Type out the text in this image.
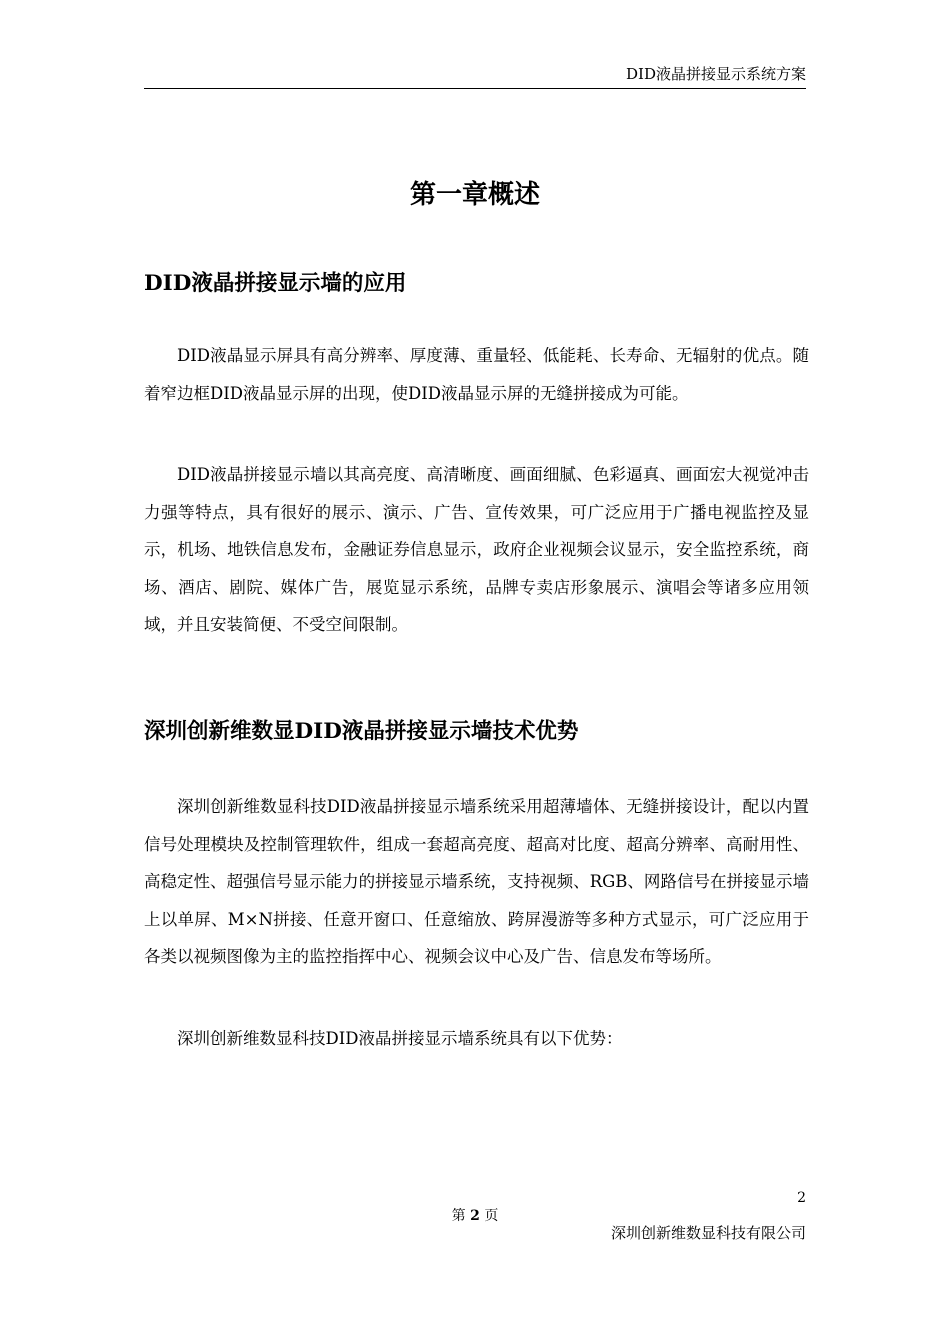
DID液晶拼接显示系统方案
第一章概述
DID液晶拼接显示墙的应用

DID液晶显示屏具有高分辨率、厚度薄、重量轻、低能耗、长寿命、无辐射的优点。随着窄边框DID液晶显示屏的出现，使DID液晶显示屏的无缝拼接成为可能。

DID液晶拼接显示墙以其高亮度、高清晰度、画面细腻、色彩逼真、画面宏大视觉冲击力强等特点，具有很好的展示、演示、广告、宣传效果，可广泛应用于广播电视监控及显示，机场、地铁信息发布，金融证券信息显示，政府企业视频会议显示，安全监控系统，商场、酒店、剧院、媒体广告，展览显示系统，品牌专卖店形象展示、演唱会等诸多应用领域，并且安装简便、不受空间限制。

深圳创新维数显DID液晶拼接显示墙技术优势

深圳创新维数显科技DID液晶拼接显示墙系统采用超薄墙体、无缝拼接设计，配以内置信号处理模块及控制管理软件，组成一套超高亮度、超高对比度、超高分辨率、高耐用性、高稳定性、超强信号显示能力的拼接显示墙系统，支持视频、RGB、网路信号在拼接显示墙上以单屏、M×N拼接、任意开窗口、任意缩放、跨屏漫游等多种方式显示，可广泛应用于各类以视频图像为主的监控指挥中心、视频会议中心及广告、信息发布等场所。

深圳创新维数显科技DID液晶拼接显示墙系统具有以下优势：

2
第 2 页
深圳创新维数显科技有限公司
